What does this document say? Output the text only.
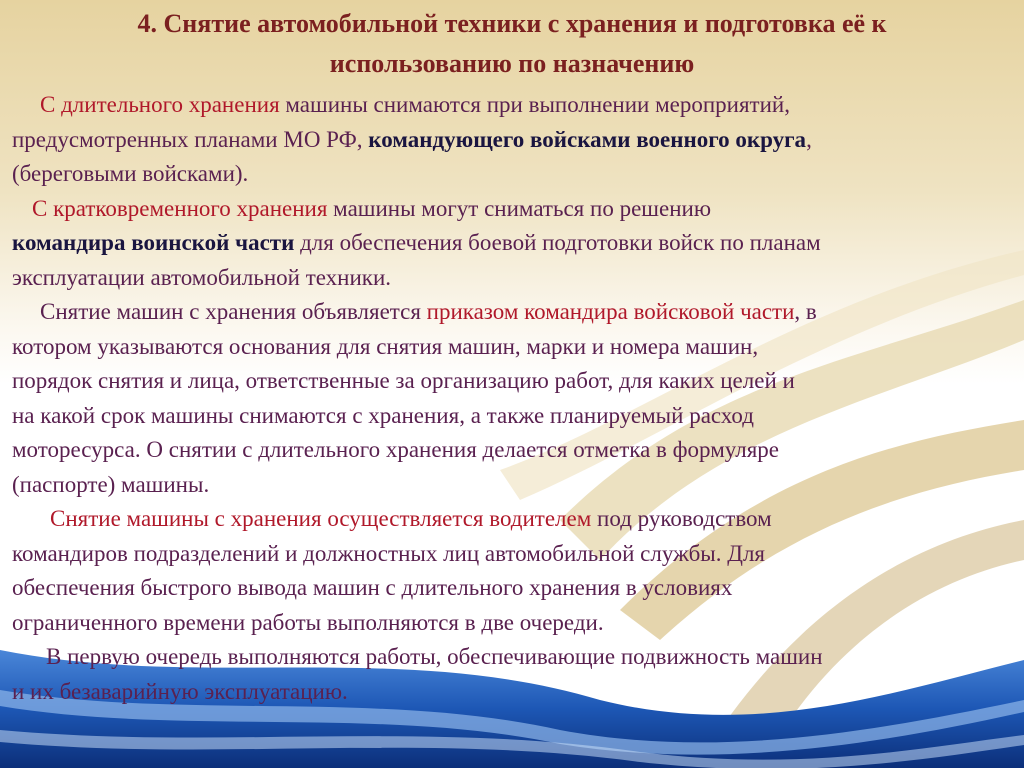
4. Снятие автомобильной техники с хранения и подготовка её к
использованию по назначению

С длительного хранения машины снимаются при выполнении мероприятий,
предусмотренных планами МО РФ, командующего войсками военного округа,
(береговыми войсками).

С кратковременного хранения машины могут сниматься по решению
командира воинской части для обеспечения боевой подготовки войск по планам
эксплуатации автомобильной техники.

Снятие машин с хранения объявляется приказом командира войсковой части, в
котором указываются основания для снятия машин, марки и номера машин,
порядок снятия и лица, ответственные за организацию работ, для каких целей и
на какой срок машины снимаются с хранения, а также планируемый расход
моторесурса. О снятии с длительного хранения делается отметка в формуляре
(паспорте) машины.

Снятие машины с хранения осуществляется водителем под руководством
командиров подразделений и должностных лиц автомобильной службы. Для
обеспечения быстрого вывода машин с длительного хранения в условиях
ограниченного времени работы выполняются в две очереди.

В первую очередь выполняются работы, обеспечивающие подвижность машин
и их безаварийную эксплуатацию.
